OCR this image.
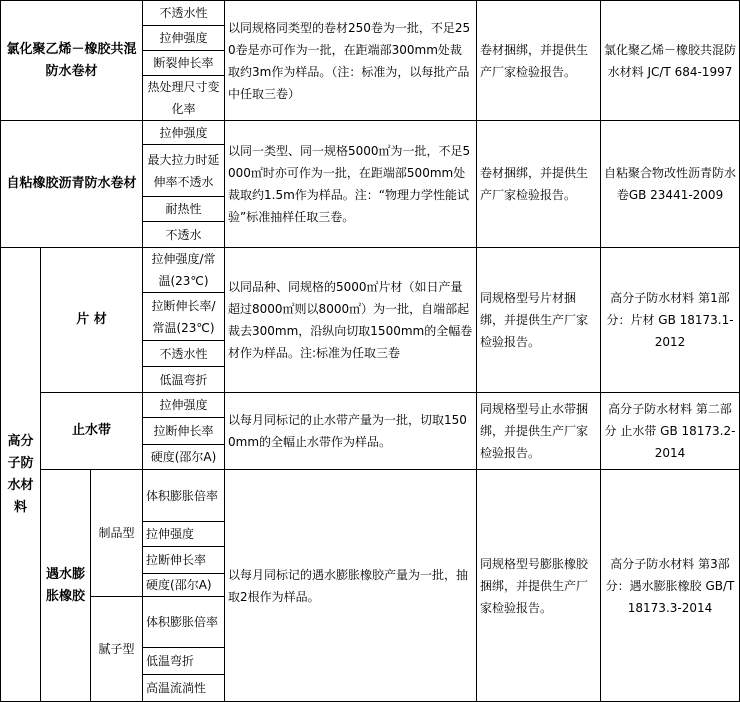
氯化聚乙烯－橡胶共混防水卷材			不透水性	以同规格同类型的卷材250卷为一批，不足250卷是亦可作为一批，在距端部300mm处裁取约3m作为样品。（注：标准为，以每批产品中任取三卷）	卷材捆绑，并提供生产厂家检验报告。	氯化聚乙烯－橡胶共混防水材料 JC/T 684-1997
			拉伸强度			
			断裂伸长率			
			热处理尺寸变化率			
自粘橡胶沥青防水卷材			拉伸强度	以同一类型、同一规格5000㎡为一批，不足5000㎡时亦可作为一批，在距端部500mm处裁取约1.5m作为样品。注：“物理力学性能试验”标准抽样任取三卷。	卷材捆绑，并提供生产厂家检验报告。	自粘聚合物改性沥青防水卷GB 23441-2009
			最大拉力时延伸率不透水			
			耐热性			
			不透水			
高分子防水材料	片 材		拉伸强度/常温(23℃)	以同品种、同规格的5000㎡片材（如日产量超过8000㎡则以8000㎡）为一批，自端部起裁去300mm，沿纵向切取1500mm的全幅卷材作为样品。注:标准为任取三卷	同规格型号片材捆绑，并提供生产厂家检验报告。	高分子防水材料 第1部分：片材 GB 18173.1-2012
			拉断伸长率/常温(23℃)			
			不透水性			
			低温弯折			
	止水带		拉伸强度	以每月同标记的止水带产量为一批，切取1500mm的全幅止水带作为样品。	同规格型号止水带捆绑，并提供生产厂家检验报告。	高分子防水材料 第二部分 止水带 GB 18173.2-2014
			拉断伸长率			
			硬度(邵尔A)			
	遇水膨胀橡胶	制品型	体积膨胀倍率	以每月同标记的遇水膨胀橡胶产量为一批，抽取2根作为样品。	同规格型号膨胀橡胶捆绑，并提供生产厂家检验报告。	高分子防水材料 第3部分：遇水膨胀橡胶 GB/T 18173.3-2014
			拉伸强度			
			拉断伸长率			
			硬度(邵尔A)			
		腻子型	体积膨胀倍率			
			低温弯折			
			高温流淌性			
